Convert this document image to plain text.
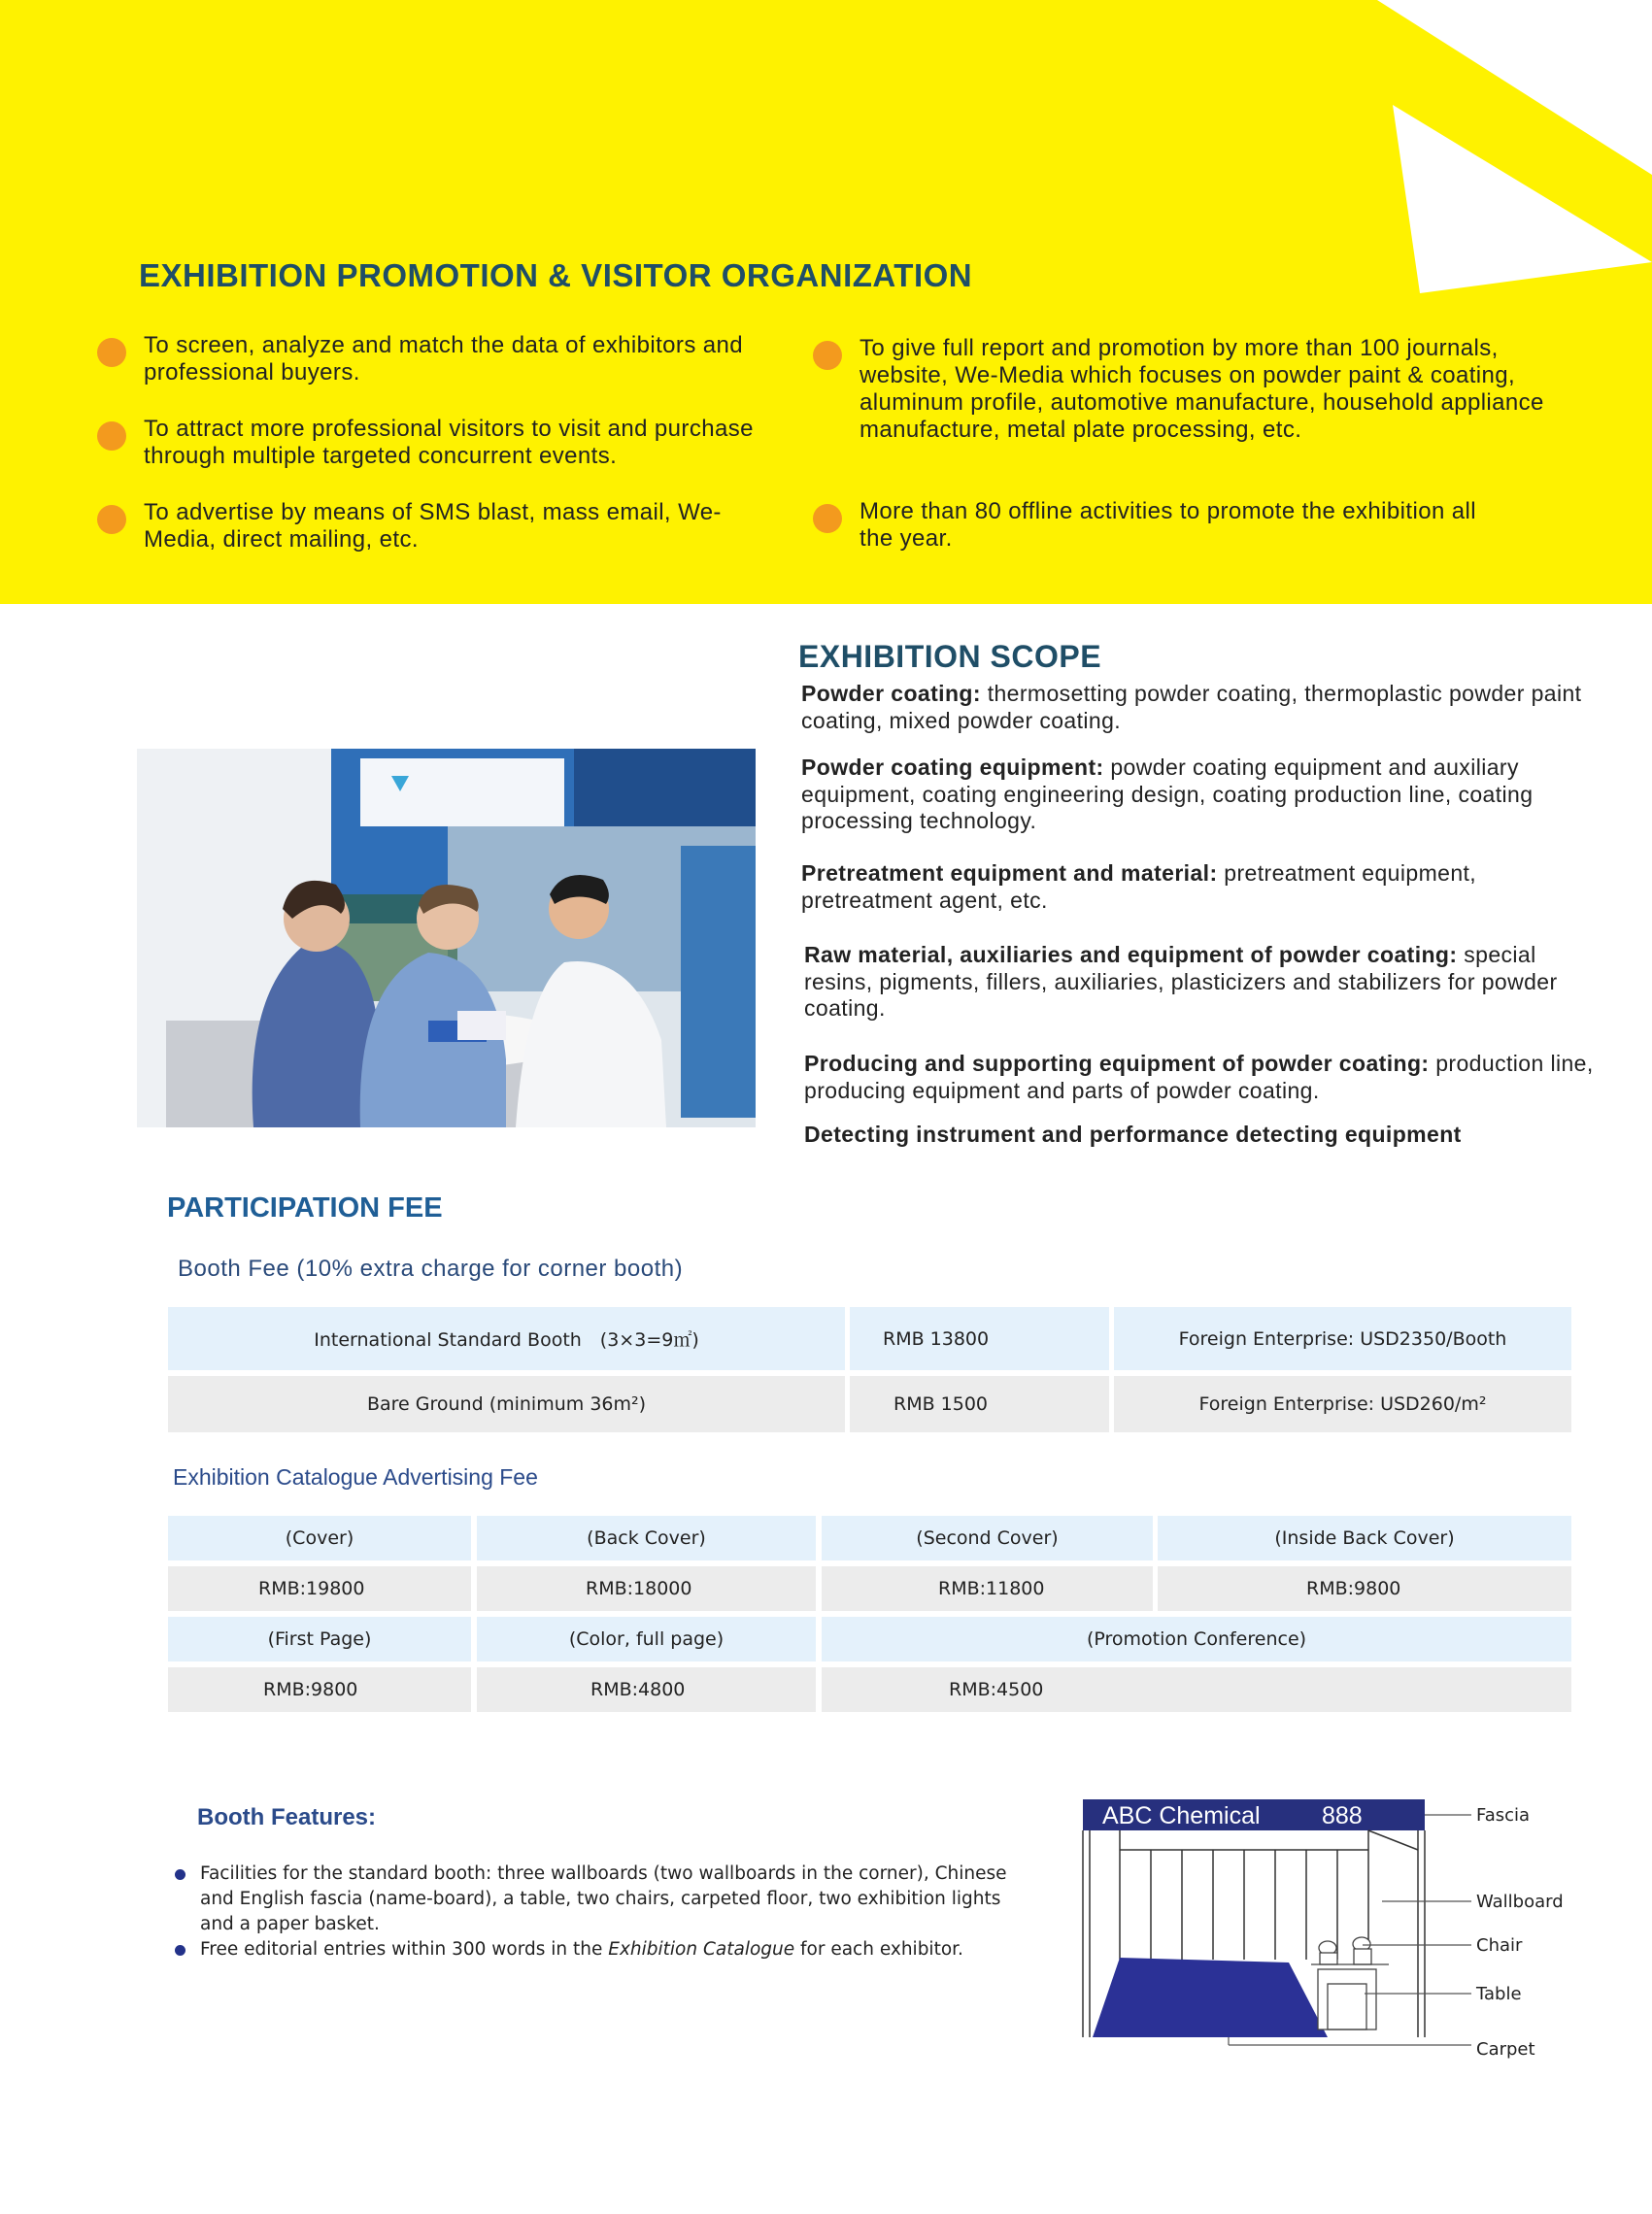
EXHIBITION PROMOTION & VISITOR ORGANIZATION
To screen, analyze and match the data of exhibitors and professional buyers.
To attract more professional visitors to visit and purchase through multiple targeted concurrent events.
To advertise by means of SMS blast, mass email, We-Media, direct mailing, etc.
To give full report and promotion by more than 100 journals, website, We-Media which focuses on powder paint & coating, aluminum profile, automotive manufacture, household appliance manufacture, metal plate processing, etc.
More than 80 offline activities to promote the exhibition all the year.
EXHIBITION SCOPE

Powder coating: thermosetting powder coating, thermoplastic powder paint coating, mixed powder coating.

Powder coating equipment: powder coating equipment and auxiliary equipment, coating engineering design, coating production line, coating processing technology.

Pretreatment equipment and material: pretreatment equipment, pretreatment agent, etc.

Raw material, auxiliaries and equipment of powder coating: special resins, pigments, fillers, auxiliaries, plasticizers and stabilizers for powder coating.

Producing and supporting equipment of powder coating: production line, producing equipment and parts of powder coating.

Detecting instrument and performance detecting equipment

PARTICIPATION FEE
Booth Fee (10% extra charge for corner booth)
International Standard Booth (3×3=9㎡)	RMB 13800	Foreign Enterprise: USD2350/Booth
Bare Ground (minimum 36m²)	RMB 1500	Foreign Enterprise: USD260/m²
Exhibition Catalogue Advertising Fee
(Cover)	(Back Cover)	(Second Cover)	(Inside Back Cover)
RMB:19800	RMB:18000	RMB:11800	RMB:9800
(First Page)	(Color, full page)	(Promotion Conference)
RMB:9800	RMB:4800	RMB:4500
Booth Features:
Facilities for the standard booth: three wallboards (two wallboards in the corner), Chinese and English fascia (name-board), a table, two chairs, carpeted floor, two exhibition lights and a paper basket.
Free editorial entries within 300 words in the Exhibition Catalogue for each exhibitor.
ABC Chemical	888	Fascia
Wallboard
Chair
Table
Carpet
